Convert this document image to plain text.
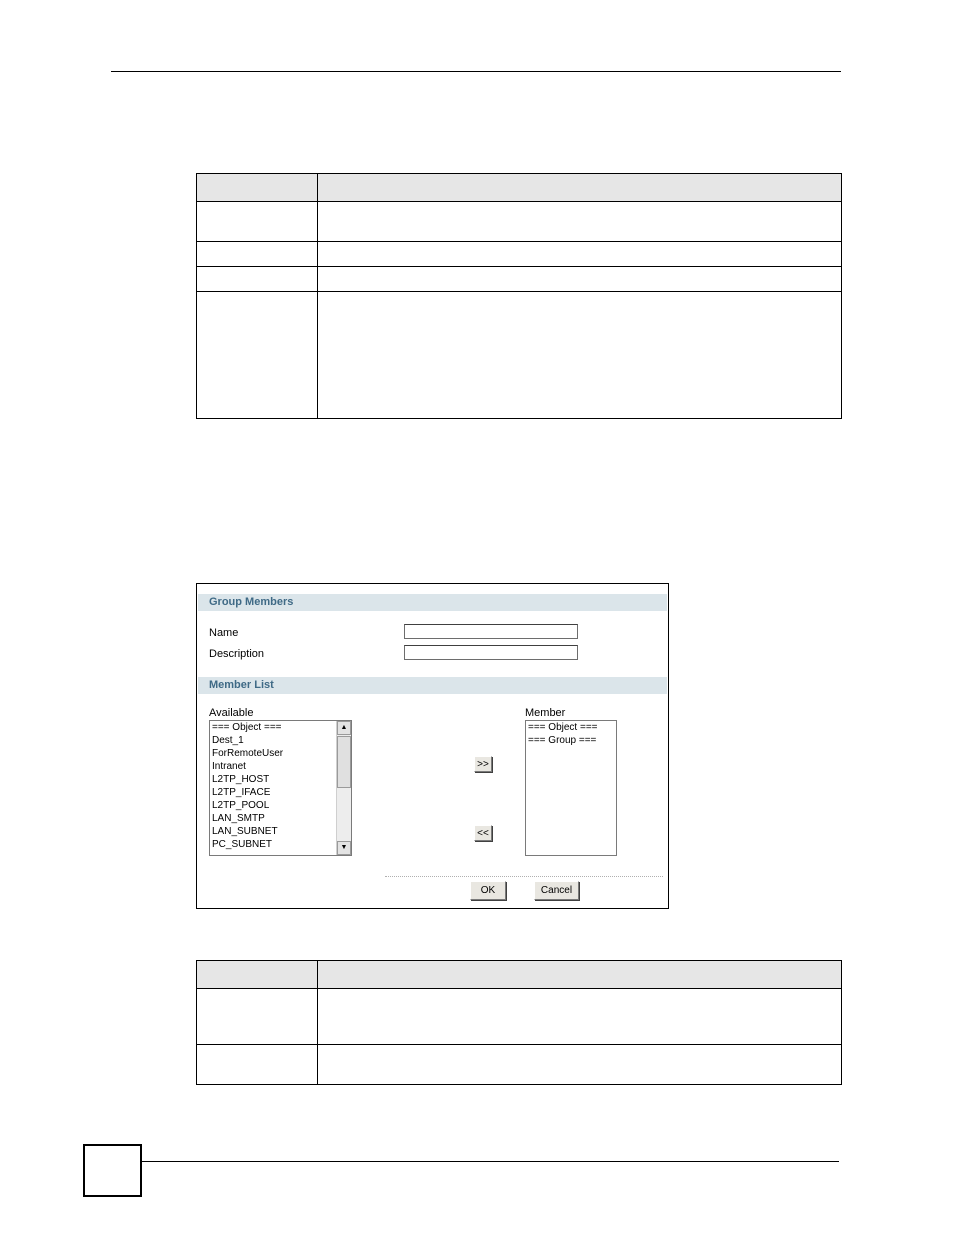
Group Members
Name
Description
Member List
Available	Member
=== Object ===
Dest_1
ForRemoteUser
Intranet
L2TP_HOST
L2TP_IFACE
L2TP_POOL
LAN_SMTP
LAN_SUBNET
PC_SUBNET
▲
▼
>>
<<
=== Object ===
=== Group ===
OK	Cancel
